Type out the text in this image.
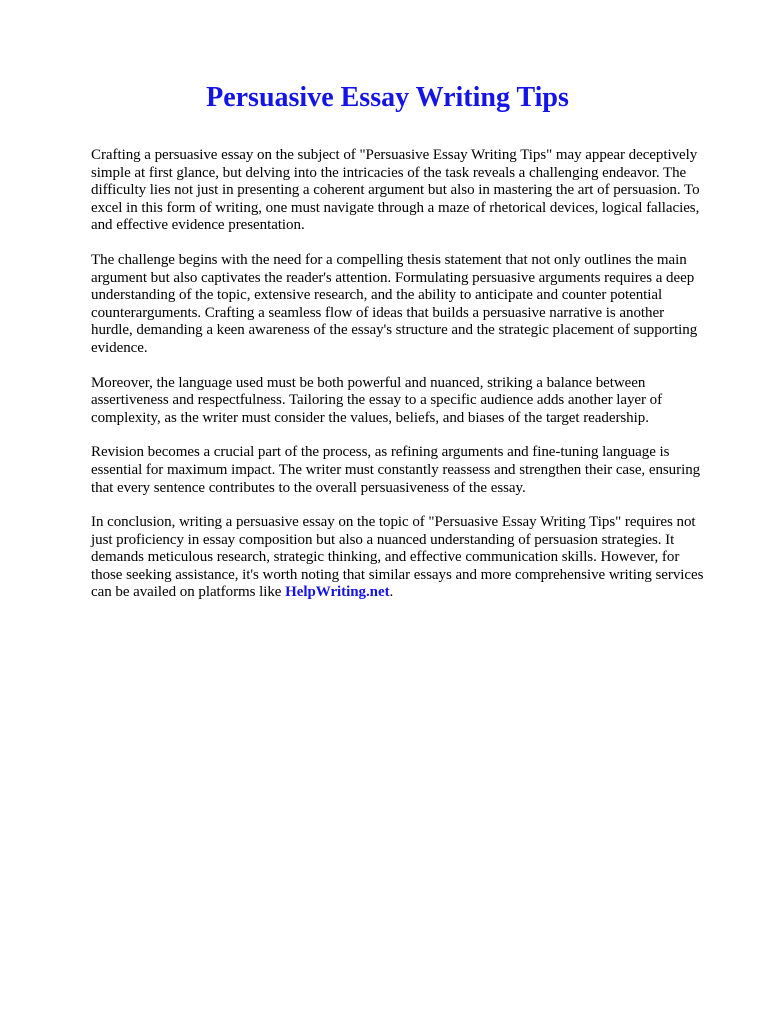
Persuasive Essay Writing Tips

Crafting a persuasive essay on the subject of "Persuasive Essay Writing Tips" may appear deceptively simple at first glance, but delving into the intricacies of the task reveals a challenging endeavor. The difficulty lies not just in presenting a coherent argument but also in mastering the art of persuasion. To excel in this form of writing, one must navigate through a maze of rhetorical devices, logical fallacies, and effective evidence presentation.

The challenge begins with the need for a compelling thesis statement that not only outlines the main argument but also captivates the reader's attention. Formulating persuasive arguments requires a deep understanding of the topic, extensive research, and the ability to anticipate and counter potential counterarguments. Crafting a seamless flow of ideas that builds a persuasive narrative is another hurdle, demanding a keen awareness of the essay's structure and the strategic placement of supporting evidence.

Moreover, the language used must be both powerful and nuanced, striking a balance between assertiveness and respectfulness. Tailoring the essay to a specific audience adds another layer of complexity, as the writer must consider the values, beliefs, and biases of the target readership.

Revision becomes a crucial part of the process, as refining arguments and fine-tuning language is essential for maximum impact. The writer must constantly reassess and strengthen their case, ensuring that every sentence contributes to the overall persuasiveness of the essay.

In conclusion, writing a persuasive essay on the topic of "Persuasive Essay Writing Tips" requires not just proficiency in essay composition but also a nuanced understanding of persuasion strategies. It demands meticulous research, strategic thinking, and effective communication skills. However, for those seeking assistance, it's worth noting that similar essays and more comprehensive writing services can be availed on platforms like HelpWriting.net.
